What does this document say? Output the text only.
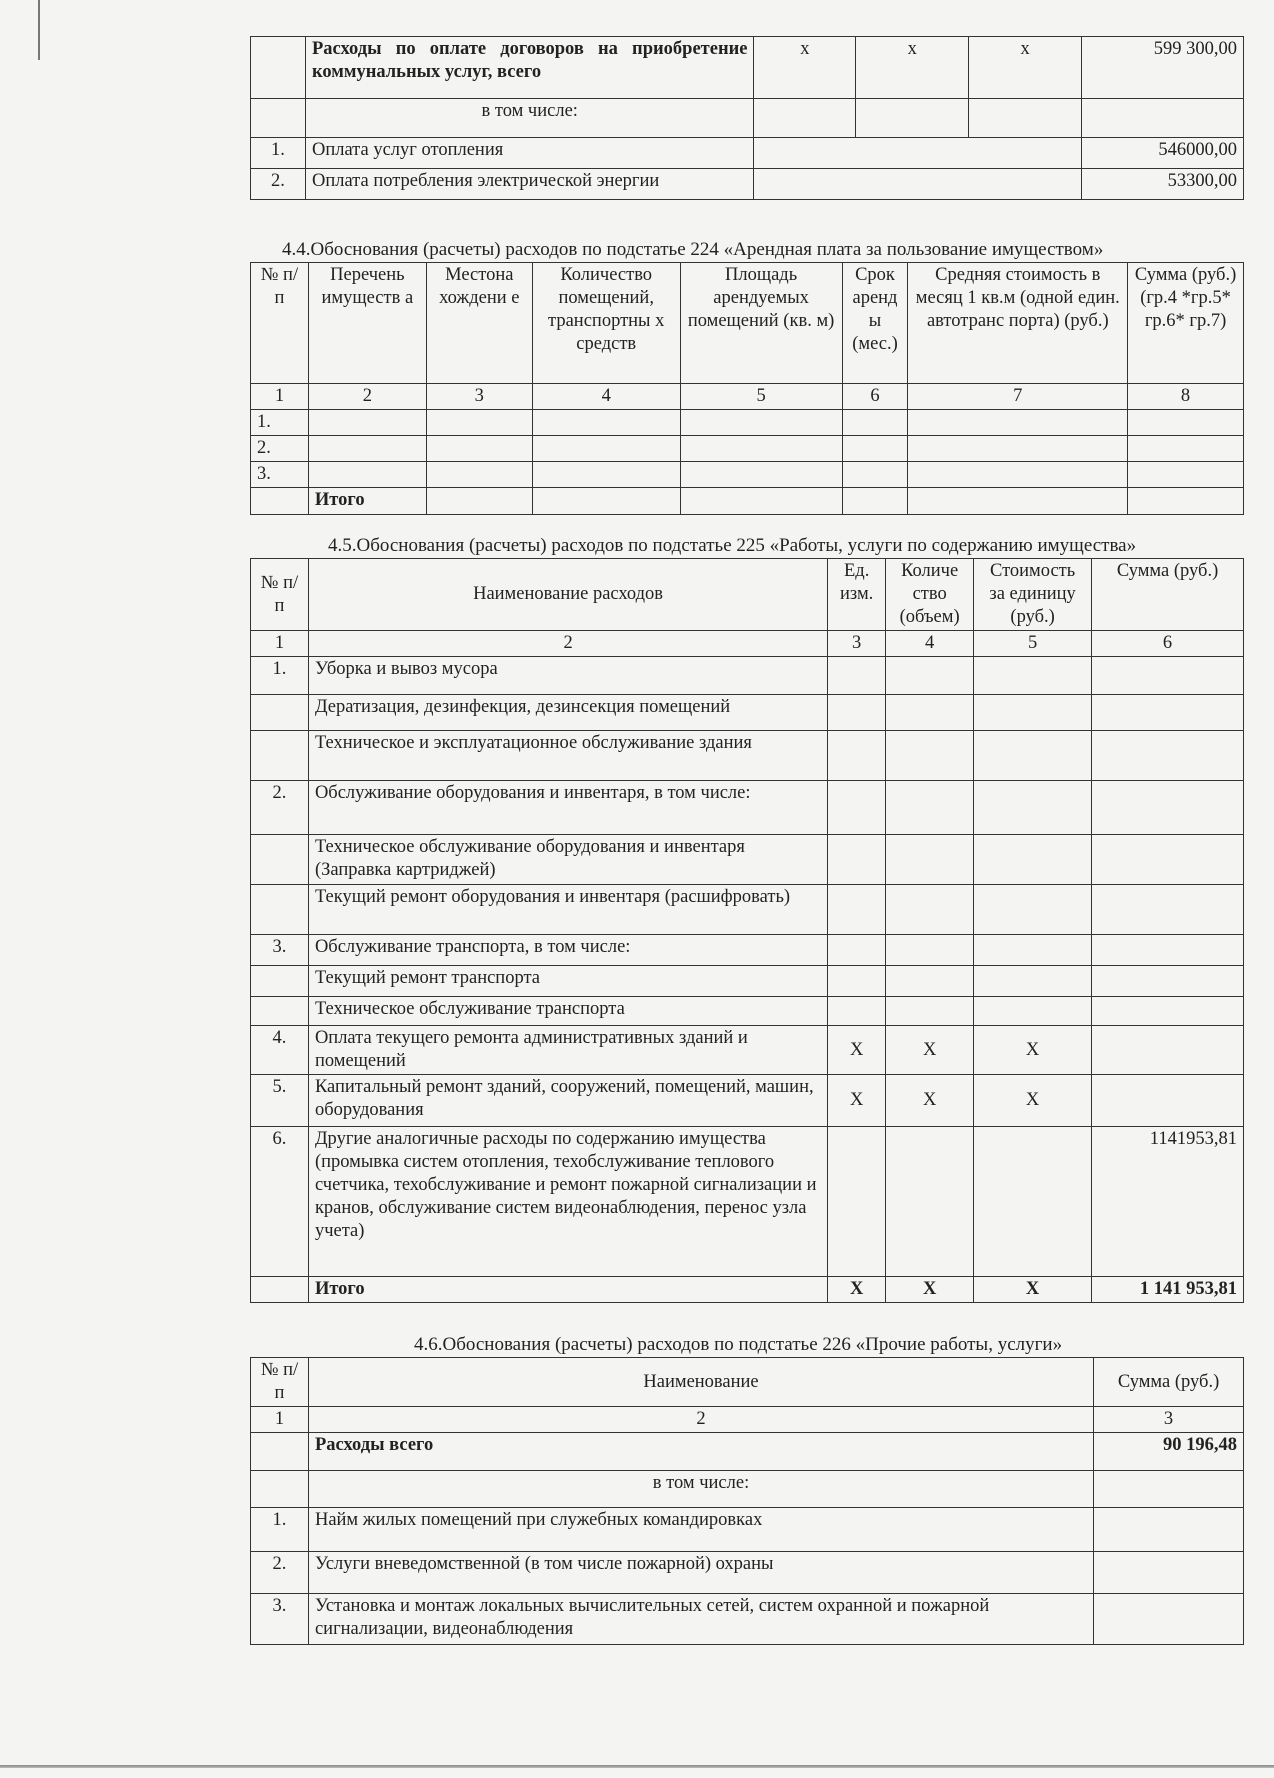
	Расходы по оплате договоров на приобретение коммунальных услуг, всего	x	x	x	599 300,00
	в том числе:				
1.	Оплата услуг отопления				546000,00
2.	Оплата потребления электрической энергии				53300,00
4.4.Обоснования (расчеты) расходов по подстатье 224 «Арендная плата за пользование имуществом»
№ п/п	Перечень имуществ а	Местона хождени е	Количество помещений, транспортны х средств	Площадь арендуемых помещений (кв. м)	Срок аренд ы (мес.)	Средняя стоимость в месяц 1 кв.м (одной един. автотранс порта) (руб.)	Сумма (руб.) (гр.4 *гр.5* гр.6* гр.7)
1	2	3	4	5	6	7	8
1.							
2.							
3.							
	Итого						
4.5.Обоснования (расчеты) расходов по подстатье 225 «Работы, услуги по содержанию имущества»
№ п/п	Наименование расходов	Ед. изм.	Количе ство (объем)	Стоимость за единицу (руб.)	Сумма (руб.)
1	2	3	4	5	6
1.	Уборка и вывоз мусора				
	Дератизация, дезинфекция, дезинсекция помещений				
	Техническое и эксплуатационное обслуживание здания				
2.	Обслуживание оборудования и инвентаря, в том числе:				
	Техническое обслуживание оборудования и инвентаря (Заправка картриджей)				
	Текущий ремонт оборудования и инвентаря (расшифровать)				
3.	Обслуживание транспорта, в том числе:				
	Текущий ремонт транспорта				
	Техническое обслуживание транспорта				
4.	Оплата текущего ремонта административных зданий и помещений	Х	Х	Х	
5.	Капитальный ремонт зданий, сооружений, помещений, машин, оборудования	Х	Х	Х	
6.	Другие аналогичные расходы по содержанию имущества (промывка систем отопления, техобслуживание теплового счетчика, техобслуживание и ремонт пожарной сигнализации и кранов, обслуживание систем видеонаблюдения, перенос узла учета)				1141953,81
	Итого	Х	Х	Х	1 141 953,81
4.6.Обоснования (расчеты) расходов по подстатье 226 «Прочие работы, услуги»
№ п/п	Наименование	Сумма (руб.)
1	2	3
	Расходы всего	90 196,48
	в том числе:	
1.	Найм жилых помещений при служебных командировках	
2.	Услуги вневедомственной (в том числе пожарной) охраны	
3.	Установка и монтаж локальных вычислительных сетей, систем охранной и пожарной сигнализации, видеонаблюдения	
